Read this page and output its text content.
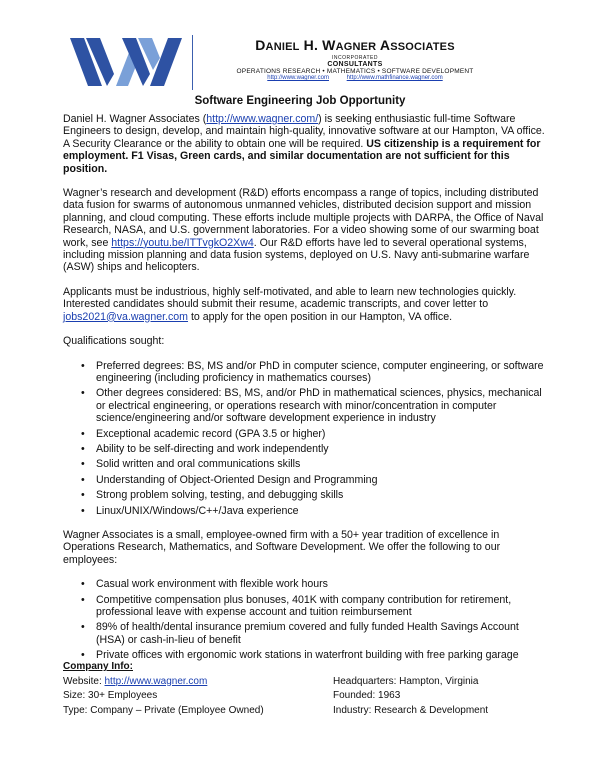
DANIEL H. WAGNER ASSOCIATES
INCORPORATED
CONSULTANTS
OPERATIONS RESEARCH • MATHEMATICS • SOFTWARE DEVELOPMENT
http://www.wagner.com	http://www.mathfinance.wagner.com
Software Engineering Job Opportunity

Daniel H. Wagner Associates (http://www.wagner.com/) is seeking enthusiastic full-time Software Engineers to design, develop, and maintain high-quality, innovative software at our Hampton, VA office. A Security Clearance or the ability to obtain one will be required. US citizenship is a requirement for employment. F1 Visas, Green cards, and similar documentation are not sufficient for this position.

Wagner’s research and development (R&D) efforts encompass a range of topics, including distributed data fusion for swarms of autonomous unmanned vehicles, distributed decision support and mission planning, and cloud computing. These efforts include multiple projects with DARPA, the Office of Naval Research, NASA, and U.S. government laboratories. For a video showing some of our swarming boat work, see https://youtu.be/ITTvgkO2Xw4. Our R&D efforts have led to several operational systems, including mission planning and data fusion systems, deployed on U.S. Navy anti-submarine warfare (ASW) ships and helicopters.

Applicants must be industrious, highly self-motivated, and able to learn new technologies quickly. Interested candidates should submit their resume, academic transcripts, and cover letter to jobs2021@va.wagner.com to apply for the open position in our Hampton, VA office.

Qualifications sought:

• Preferred degrees: BS, MS and/or PhD in computer science, computer engineering, or software engineering (including proficiency in mathematics courses)
• Other degrees considered: BS, MS, and/or PhD in mathematical sciences, physics, mechanical or electrical engineering, or operations research with minor/concentration in computer science/engineering and/or software development experience in industry
• Exceptional academic record (GPA 3.5 or higher)
• Ability to be self-directing and work independently
• Solid written and oral communications skills
• Understanding of Object-Oriented Design and Programming
• Strong problem solving, testing, and debugging skills
• Linux/UNIX/Windows/C++/Java experience

Wagner Associates is a small, employee-owned firm with a 50+ year tradition of excellence in Operations Research, Mathematics, and Software Development. We offer the following to our employees:

• Casual work environment with flexible work hours
• Competitive compensation plus bonuses, 401K with company contribution for retirement, professional leave with expense account and tuition reimbursement
• 89% of health/dental insurance premium covered and fully funded Health Savings Account (HSA) or cash-in-lieu of benefit
• Private offices with ergonomic work stations in waterfront building with free parking garage
Company Info:
Website: http://www.wagner.com	Headquarters: Hampton, Virginia
Size: 30+ Employees	Founded: 1963
Type: Company – Private (Employee Owned)	Industry: Research & Development
